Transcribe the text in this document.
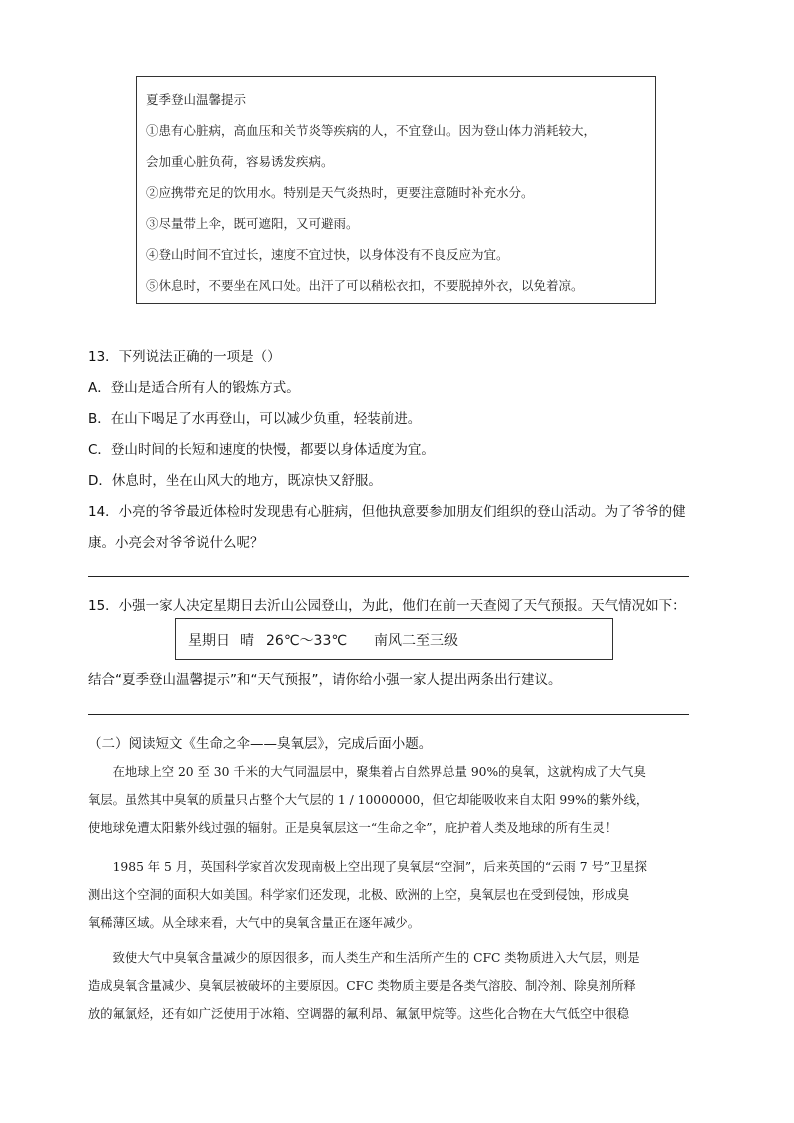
夏季登山温馨提示
①患有心脏病，高血压和关节炎等疾病的人，不宜登山。因为登山体力消耗较大，
会加重心脏负荷，容易诱发疾病。
②应携带充足的饮用水。特别是天气炎热时，更要注意随时补充水分。
③尽量带上伞，既可遮阳，又可避雨。
④登山时间不宜过长，速度不宜过快，以身体没有不良反应为宜。
⑤休息时，不要坐在风口处。出汗了可以稍松衣扣，不要脱掉外衣，以免着凉。
13．下列说法正确的一项是（）
A．登山是适合所有人的锻炼方式。
B．在山下喝足了水再登山，可以减少负重，轻装前进。
C．登山时间的长短和速度的快慢，都要以身体适度为宜。
D．休息时，坐在山风大的地方，既凉快又舒服。
14．小亮的爷爷最近体检时发现患有心脏病，但他执意要参加朋友们组织的登山活动。为了爷爷的健
康。小亮会对爷爷说什么呢？
15．小强一家人决定星期日去沂山公园登山，为此，他们在前一天查阅了天气预报。天气情况如下：
星期日 晴 26℃～33℃ 南风二至三级
结合“夏季登山温馨提示”和“天气预报”，请你给小强一家人提出两条出行建议。
（二）阅读短文《生命之伞——臭氧层》，完成后面小题。
　　在地球上空 20 至 30 千米的大气同温层中，聚集着占自然界总量 90%的臭氧，这就构成了大气臭
氧层。虽然其中臭氧的质量只占整个大气层的 1 / 10000000，但它却能吸收来自太阳 99%的紫外线，
使地球免遭太阳紫外线过强的辐射。正是臭氧层这一“生命之伞”，庇护着人类及地球的所有生灵！
　　1985 年 5 月，英国科学家首次发现南极上空出现了臭氧层“空洞”，后来英国的“云雨 7 号”卫星探
测出这个空洞的面积大如美国。科学家们还发现，北极、欧洲的上空，臭氧层也在受到侵蚀，形成臭
氧稀薄区域。从全球来看，大气中的臭氧含量正在逐年减少。
　　致使大气中臭氧含量减少的原因很多，而人类生产和生活所产生的 CFC 类物质进入大气层，则是
造成臭氧含量减少、臭氧层被破坏的主要原因。CFC 类物质主要是各类气溶胶、制冷剂、除臭剂所释
放的氟氯烃，还有如广泛使用于冰箱、空调器的氟利昂、氟氯甲烷等。这些化合物在大气低空中很稳
